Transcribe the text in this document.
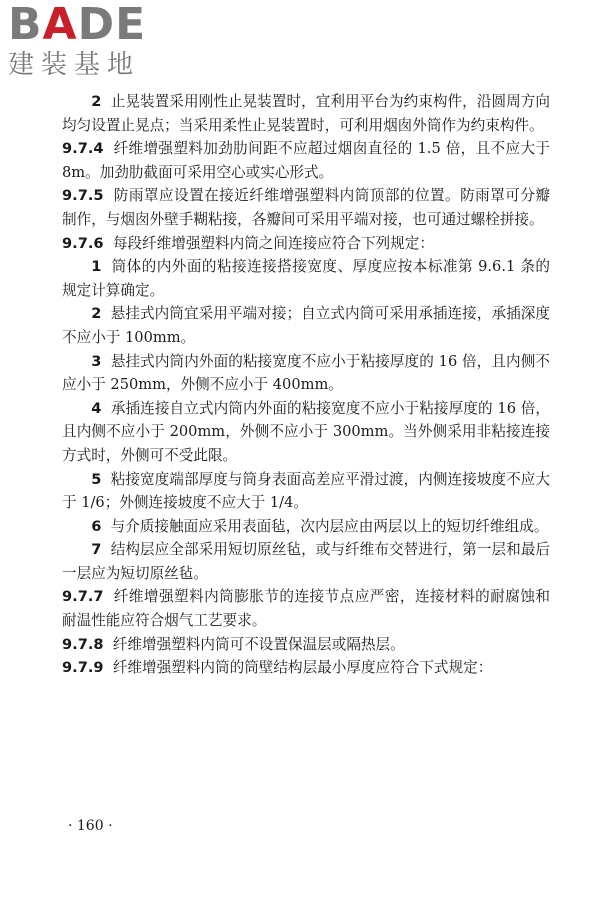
BADE
建装基地

2 止晃装置采用刚性止晃装置时，宜利用平台为约束构件，沿圆周方向均匀设置止晃点；当采用柔性止晃装置时，可利用烟囱外筒作为约束构件。

9.7.4 纤维增强塑料加劲肋间距不应超过烟囱直径的 1.5 倍，且不应大于 8m。加劲肋截面可采用空心或实心形式。

9.7.5 防雨罩应设置在接近纤维增强塑料内筒顶部的位置。防雨罩可分瓣制作，与烟囱外壁手糊粘接，各瓣间可采用平端对接，也可通过螺栓拼接。

9.7.6 每段纤维增强塑料内筒之间连接应符合下列规定：

1 筒体的内外面的粘接连接搭接宽度、厚度应按本标准第 9.6.1 条的规定计算确定。

2 悬挂式内筒宜采用平端对接；自立式内筒可采用承插连接，承插深度不应小于 100mm。

3 悬挂式内筒内外面的粘接宽度不应小于粘接厚度的 16 倍，且内侧不应小于 250mm，外侧不应小于 400mm。

4 承插连接自立式内筒内外面的粘接宽度不应小于粘接厚度的 16 倍，且内侧不应小于 200mm，外侧不应小于 300mm。当外侧采用非粘接连接方式时，外侧可不受此限。

5 粘接宽度端部厚度与筒身表面高差应平滑过渡，内侧连接坡度不应大于 1/6；外侧连接坡度不应大于 1/4。

6 与介质接触面应采用表面毡，次内层应由两层以上的短切纤维组成。

7 结构层应全部采用短切原丝毡，或与纤维布交替进行，第一层和最后一层应为短切原丝毡。

9.7.7 纤维增强塑料内筒膨胀节的连接节点应严密，连接材料的耐腐蚀和耐温性能应符合烟气工艺要求。

9.7.8 纤维增强塑料内筒可不设置保温层或隔热层。

9.7.9 纤维增强塑料内筒的筒壁结构层最小厚度应符合下式规定：

· 160 ·
